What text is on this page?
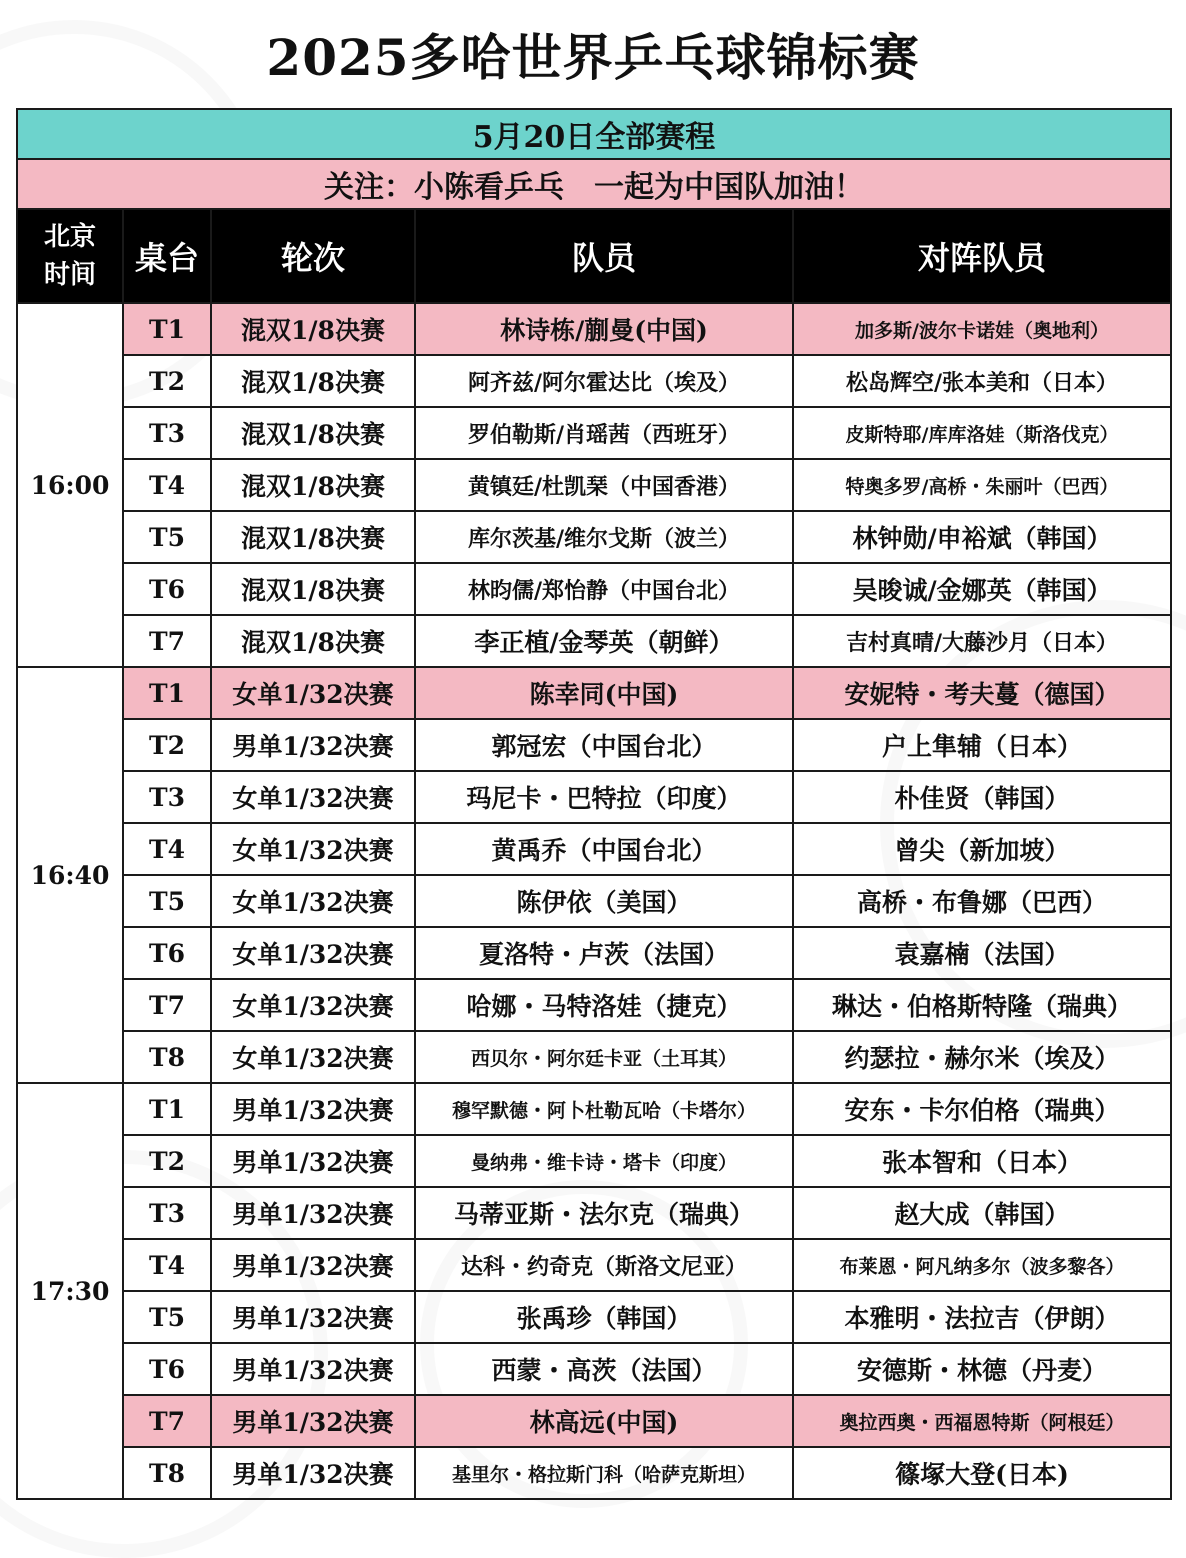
2025多哈世界乒乓球锦标赛
5月20日全部赛程				
关注：小陈看乒乓　一起为中国队加油！				

北京
时间	桌台	轮次	队员	对阵队员
16:00	T1	混双1/8决赛	林诗栋/蒯曼(中国)	加多斯/波尔卡诺娃（奥地利）
	T2	混双1/8决赛	阿齐兹/阿尔霍达比（埃及）	松岛辉空/张本美和（日本）
	T3	混双1/8决赛	罗伯勒斯/肖瑶茜（西班牙）	皮斯特耶/库库洛娃（斯洛伐克）
	T4	混双1/8决赛	黄镇廷/杜凯琹（中国香港）	特奥多罗/高桥・朱丽叶（巴西）
	T5	混双1/8决赛	库尔茨基/维尔戈斯（波兰）	林钟勋/申裕斌（韩国）
	T6	混双1/8决赛	林昀儒/郑怡静（中国台北）	吴晙诚/金娜英（韩国）
	T7	混双1/8决赛	李正植/金琴英（朝鲜）	吉村真晴/大藤沙月（日本）
16:40	T1	女单1/32决赛	陈幸同(中国)	安妮特・考夫蔓（德国）
	T2	男单1/32决赛	郭冠宏（中国台北）	户上隼辅（日本）
	T3	女单1/32决赛	玛尼卡・巴特拉（印度）	朴佳贤（韩国）
	T4	女单1/32决赛	黄禹乔（中国台北）	曾尖（新加坡）
	T5	女单1/32决赛	陈伊依（美国）	高桥・布鲁娜（巴西）
	T6	女单1/32决赛	夏洛特・卢茨（法国）	袁嘉楠（法国）
	T7	女单1/32决赛	哈娜・马特洛娃（捷克）	琳达・伯格斯特隆（瑞典）
	T8	女单1/32决赛	西贝尔・阿尔廷卡亚（土耳其）	约瑟拉・赫尔米（埃及）
17:30	T1	男单1/32决赛	穆罕默德・阿卜杜勒瓦哈（卡塔尔）	安东・卡尔伯格（瑞典）
	T2	男单1/32决赛	曼纳弗・维卡诗・塔卡（印度）	张本智和（日本）
	T3	男单1/32决赛	马蒂亚斯・法尔克（瑞典）	赵大成（韩国）
	T4	男单1/32决赛	达科・约奇克（斯洛文尼亚）	布莱恩・阿凡纳多尔（波多黎各）
	T5	男单1/32决赛	张禹珍（韩国）	本雅明・法拉吉（伊朗）
	T6	男单1/32决赛	西蒙・高茨（法国）	安德斯・林德（丹麦）
	T7	男单1/32决赛	林高远(中国)	奥拉西奥・西福恩特斯（阿根廷）
	T8	男单1/32决赛	基里尔・格拉斯门科（哈萨克斯坦）	篠塚大登(日本)
